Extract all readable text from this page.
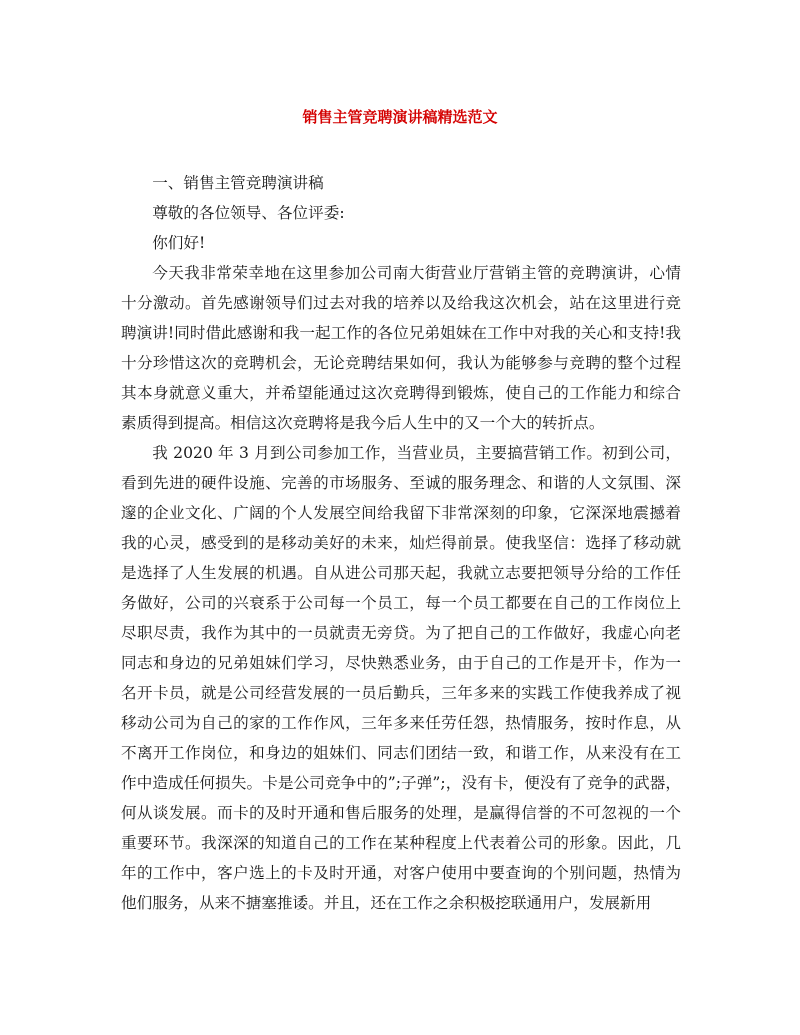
销售主管竞聘演讲稿精选范文

一、销售主管竞聘演讲稿

尊敬的各位领导、各位评委:

你们好!

今天我非常荣幸地在这里参加公司南大街营业厅营销主管的竞聘演讲，心情十分激动。首先感谢领导们过去对我的培养以及给我这次机会，站在这里进行竞聘演讲!同时借此感谢和我一起工作的各位兄弟姐妹在工作中对我的关心和支持!我十分珍惜这次的竞聘机会，无论竞聘结果如何，我认为能够参与竞聘的整个过程其本身就意义重大，并希望能通过这次竞聘得到锻炼，使自己的工作能力和综合素质得到提高。相信这次竞聘将是我今后人生中的又一个大的转折点。

我 2020 年 3 月到公司参加工作，当营业员，主要搞营销工作。初到公司，看到先进的硬件设施、完善的市场服务、至诚的服务理念、和谐的人文氛围、深邃的企业文化、广阔的个人发展空间给我留下非常深刻的印象，它深深地震撼着我的心灵，感受到的是移动美好的未来，灿烂得前景。使我坚信：选择了移动就是选择了人生发展的机遇。自从进公司那天起，我就立志要把领导分给的工作任务做好，公司的兴衰系于公司每一个员工，每一个员工都要在自己的工作岗位上尽职尽责，我作为其中的一员就责无旁贷。为了把自己的工作做好，我虚心向老同志和身边的兄弟姐妹们学习，尽快熟悉业务，由于自己的工作是开卡，作为一名开卡员，就是公司经营发展的一员后勤兵，三年多来的实践工作使我养成了视移动公司为自己的家的工作作风，三年多来任劳任怨，热情服务，按时作息，从不离开工作岗位，和身边的姐妹们、同志们团结一致，和谐工作，从来没有在工作中造成任何损失。卡是公司竞争中的”;子弹”;，没有卡，便没有了竞争的武器，何从谈发展。而卡的及时开通和售后服务的处理，是赢得信誉的不可忽视的一个重要环节。我深深的知道自己的工作在某种程度上代表着公司的形象。因此，几年的工作中，客户选上的卡及时开通，对客户使用中要查询的个别问题，热情为他们服务，从来不搪塞推诿。并且，还在工作之余积极挖联通用户，发展新用
